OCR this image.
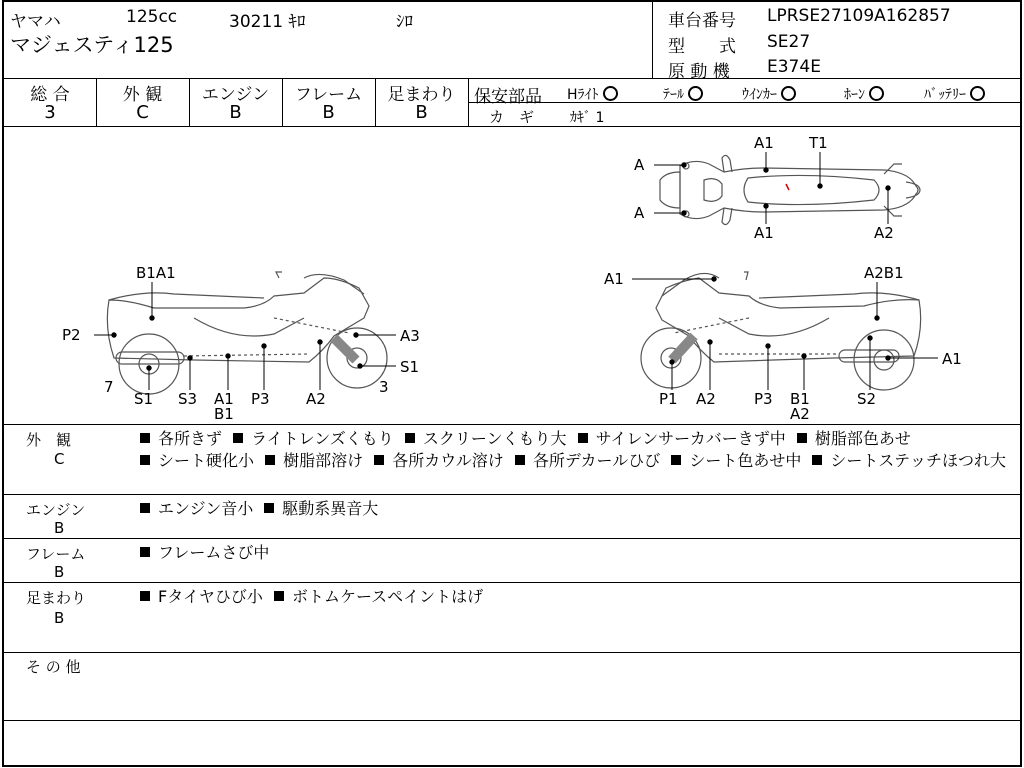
ヤマハ	125cc	30211 ｷﾛ	ｼﾛ
マジェスティ125
車台番号 LPRSE27109A162857
型　　式 SE27
原 動 機 E374E
総 合
3
外 観
C
エンジン
B
フレーム
B
足まわり
B
保安部品 Hﾗｲﾄ	ﾃｰﾙ	ｳｲﾝｶｰ	ﾎｰﾝ	ﾊﾞｯﾃﾘｰ
カ　ギ	ｶｷﾞ 1
A
A
A1 T1
A1	A2
B1A1
P2	A3
S1
7	3
S1 S3 A1
B1
P3 A2
A1	A2B1
A1
P1 A2	P3 B1
A2
S2
外　観
C
各所きず ライトレンズくもり スクリーンくもり大 サイレンサーカバーきず中 樹脂部色あせ シート硬化小 樹脂部溶け 各所カウル溶け 各所デカールひび シート色あせ中 シートステッチほつれ大
エンジン
B
エンジン音小 駆動系異音大
フレーム
B
フレームさび中
足まわり
B
Fタイヤひび小 ボトムケースペイントはげ
そ の 他
